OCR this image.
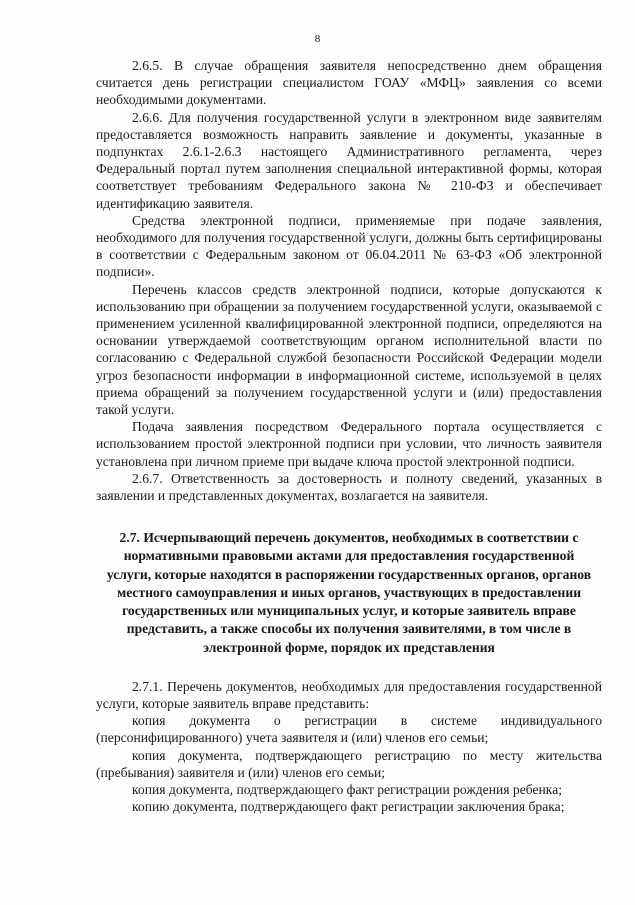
8

2.6.5. В случае обращения заявителя непосредственно днем обращения считается день регистрации специалистом ГОАУ «МФЦ» заявления со всеми необходимыми документами.

2.6.6. Для получения государственной услуги в электронном виде заявителям предоставляется возможность направить заявление и документы, указанные в подпунктах 2.6.1-2.6.3 настоящего Административного регламента, через Федеральный портал путем заполнения специальной интерактивной формы, которая соответствует требованиям Федерального закона № 210-ФЗ и обеспечивает идентификацию заявителя.

Средства электронной подписи, применяемые при подаче заявления, необходимого для получения государственной услуги, должны быть сертифицированы в соответствии с Федеральным законом от 06.04.2011 № 63-ФЗ «Об электронной подписи».

Перечень классов средств электронной подписи, которые допускаются к использованию при обращении за получением государственной услуги, оказываемой с применением усиленной квалифицированной электронной подписи, определяются на основании утверждаемой соответствующим органом исполнительной власти по согласованию с Федеральной службой безопасности Российской Федерации модели угроз безопасности информации в информационной системе, используемой в целях приема обращений за получением государственной услуги и (или) предоставления такой услуги.

Подача заявления посредством Федерального портала осуществляется с использованием простой электронной подписи при условии, что личность заявителя установлена при личном приеме при выдаче ключа простой электронной подписи.

2.6.7. Ответственность за достоверность и полноту сведений, указанных в заявлении и представленных документах, возлагается на заявителя.

2.7. Исчерпывающий перечень документов, необходимых в соответствии с нормативными правовыми актами для предоставления государственной услуги, которые находятся в распоряжении государственных органов, органов местного самоуправления и иных органов, участвующих в предоставлении государственных или муниципальных услуг, и которые заявитель вправе представить, а также способы их получения заявителями, в том числе в электронной форме, порядок их представления

2.7.1. Перечень документов, необходимых для предоставления государственной услуги, которые заявитель вправе представить:

копия документа о регистрации в системе индивидуального (персонифицированного) учета заявителя и (или) членов его семьи;

копия документа, подтверждающего регистрацию по месту жительства (пребывания) заявителя и (или) членов его семьи;

копия документа, подтверждающего факт регистрации рождения ребенка;

копию документа, подтверждающего факт регистрации заключения брака;
